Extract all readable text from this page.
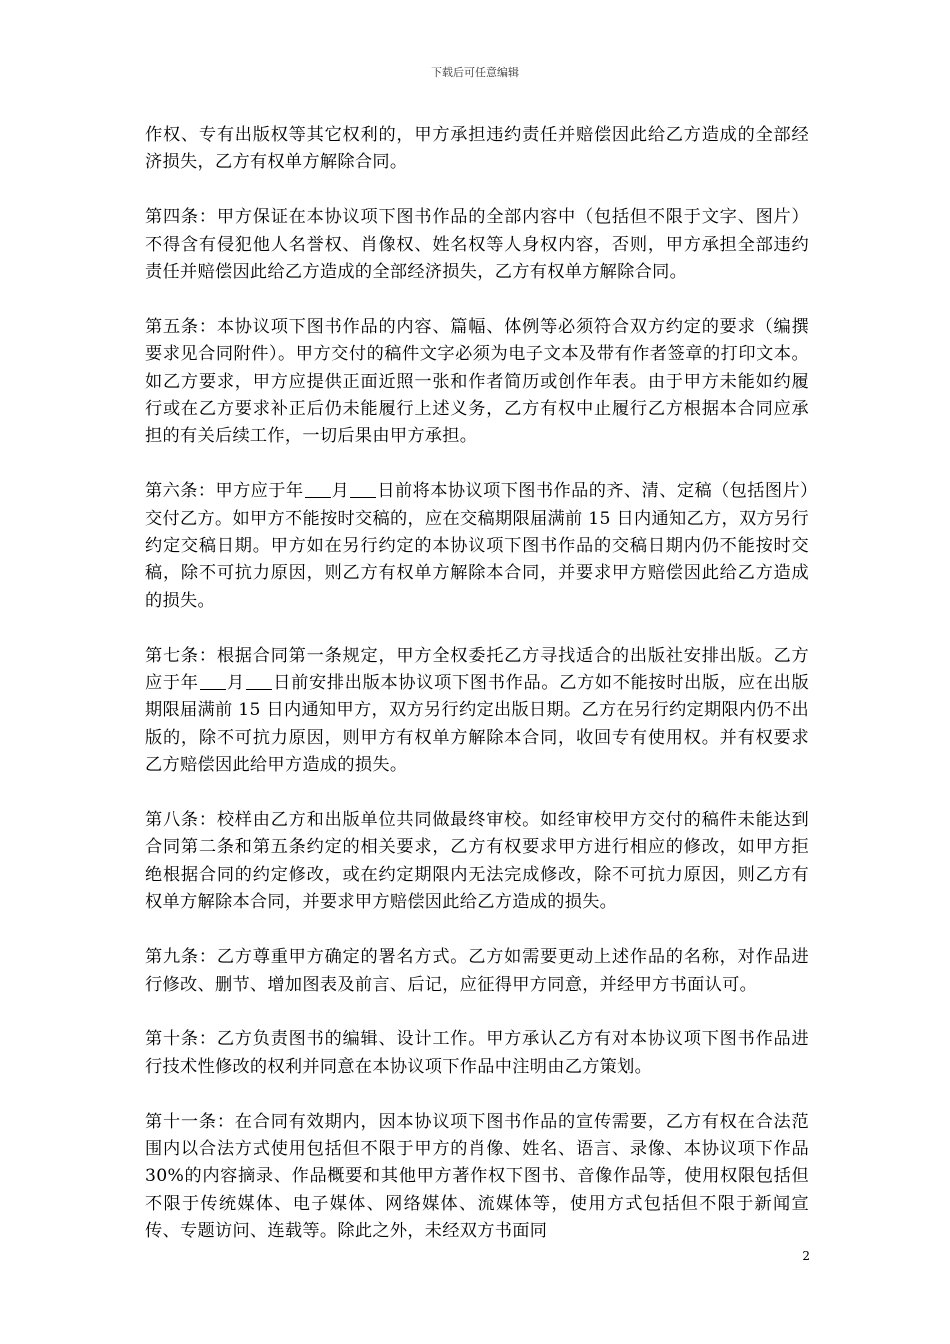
下载后可任意编辑

作权、专有出版权等其它权利的，甲方承担违约责任并赔偿因此给乙方造成的全部经济损失，乙方有权单方解除合同。

第四条：甲方保证在本协议项下图书作品的全部内容中（包括但不限于文字、图片）不得含有侵犯他人名誉权、肖像权、姓名权等人身权内容，否则，甲方承担全部违约责任并赔偿因此给乙方造成的全部经济损失，乙方有权单方解除合同。

第五条：本协议项下图书作品的内容、篇幅、体例等必须符合双方约定的要求（编撰要求见合同附件）。甲方交付的稿件文字必须为电子文本及带有作者签章的打印文本。如乙方要求，甲方应提供正面近照一张和作者简历或创作年表。由于甲方未能如约履行或在乙方要求补正后仍未能履行上述义务，乙方有权中止履行乙方根据本合同应承担的有关后续工作，一切后果由甲方承担。

第六条：甲方应于年 月 日前将本协议项下图书作品的齐、清、定稿（包括图片）交付乙方。如甲方不能按时交稿的，应在交稿期限届满前 15 日内通知乙方，双方另行约定交稿日期。甲方如在另行约定的本协议项下图书作品的交稿日期内仍不能按时交稿，除不可抗力原因，则乙方有权单方解除本合同，并要求甲方赔偿因此给乙方造成的损失。

第七条：根据合同第一条规定，甲方全权委托乙方寻找适合的出版社安排出版。乙方应于年 月 日前安排出版本协议项下图书作品。乙方如不能按时出版，应在出版期限届满前 15 日内通知甲方，双方另行约定出版日期。乙方在另行约定期限内仍不出版的，除不可抗力原因，则甲方有权单方解除本合同，收回专有使用权。并有权要求乙方赔偿因此给甲方造成的损失。

第八条：校样由乙方和出版单位共同做最终审校。如经审校甲方交付的稿件未能达到合同第二条和第五条约定的相关要求，乙方有权要求甲方进行相应的修改，如甲方拒绝根据合同的约定修改，或在约定期限内无法完成修改，除不可抗力原因，则乙方有权单方解除本合同，并要求甲方赔偿因此给乙方造成的损失。

第九条：乙方尊重甲方确定的署名方式。乙方如需要更动上述作品的名称，对作品进行修改、删节、增加图表及前言、后记，应征得甲方同意，并经甲方书面认可。

第十条：乙方负责图书的编辑、设计工作。甲方承认乙方有对本协议项下图书作品进行技术性修改的权利并同意在本协议项下作品中注明由乙方策划。

第十一条：在合同有效期内，因本协议项下图书作品的宣传需要，乙方有权在合法范围内以合法方式使用包括但不限于甲方的肖像、姓名、语言、录像、本协议项下作品 30%的内容摘录、作品概要和其他甲方著作权下图书、音像作品等，使用权限包括但不限于传统媒体、电子媒体、网络媒体、流媒体等，使用方式包括但不限于新闻宣传、专题访问、连载等。除此之外，未经双方书面同

2
